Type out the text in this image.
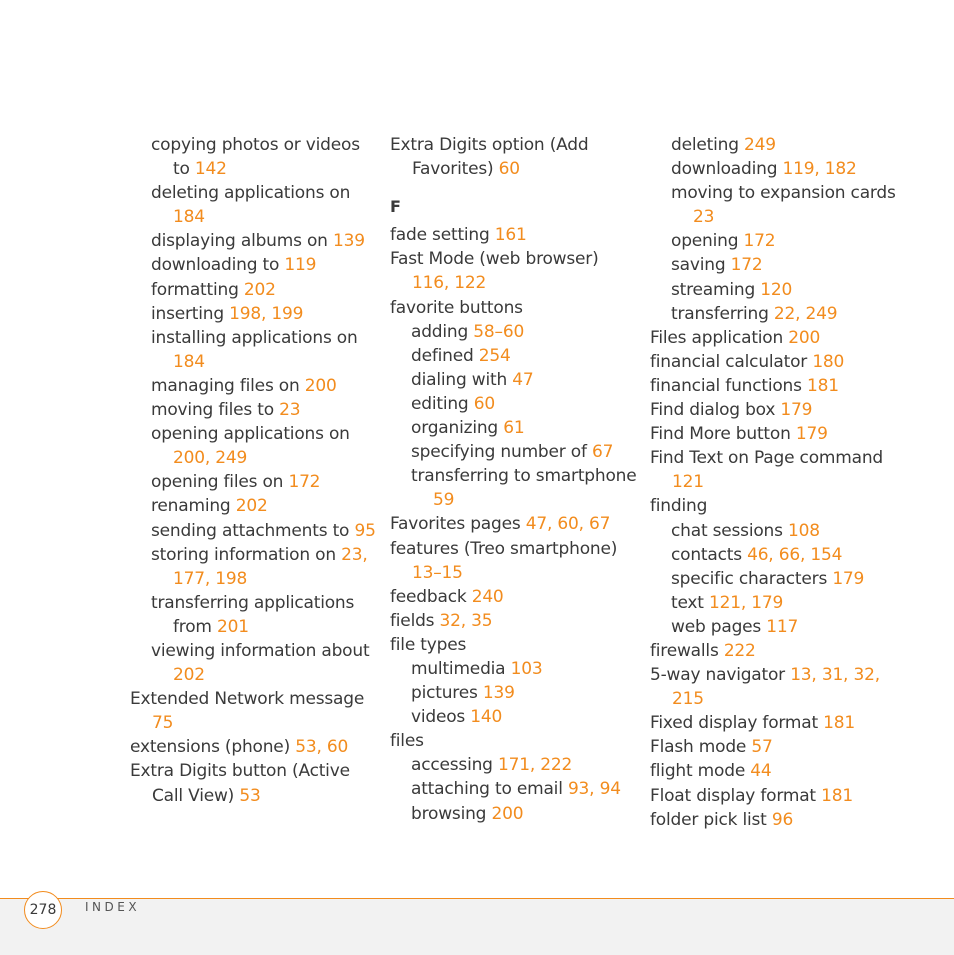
copying photos or videos to 142
deleting applications on 184
displaying albums on 139
downloading to 119
formatting 202
inserting 198, 199
installing applications on 184
managing files on 200
moving files to 23
opening applications on 200, 249
opening files on 172
renaming 202
sending attachments to 95
storing information on 23, 177, 198
transferring applications from 201
viewing information about 202
Extended Network message 75
extensions (phone) 53, 60
Extra Digits button (Active Call View) 53
Extra Digits option (Add Favorites) 60
F
fade setting 161
Fast Mode (web browser) 116, 122
favorite buttons
adding 58–60
defined 254
dialing with 47
editing 60
organizing 61
specifying number of 67
transferring to smartphone 59
Favorites pages 47, 60, 67
features (Treo smartphone) 13–15
feedback 240
fields 32, 35
file types
multimedia 103
pictures 139
videos 140
files
accessing 171, 222
attaching to email 93, 94
browsing 200
deleting 249
downloading 119, 182
moving to expansion cards 23
opening 172
saving 172
streaming 120
transferring 22, 249
Files application 200
financial calculator 180
financial functions 181
Find dialog box 179
Find More button 179
Find Text on Page command 121
finding
chat sessions 108
contacts 46, 66, 154
specific characters 179
text 121, 179
web pages 117
firewalls 222
5-way navigator 13, 31, 32, 215
Fixed display format 181
Flash mode 57
flight mode 44
Float display format 181
folder pick list 96
278	INDEX
